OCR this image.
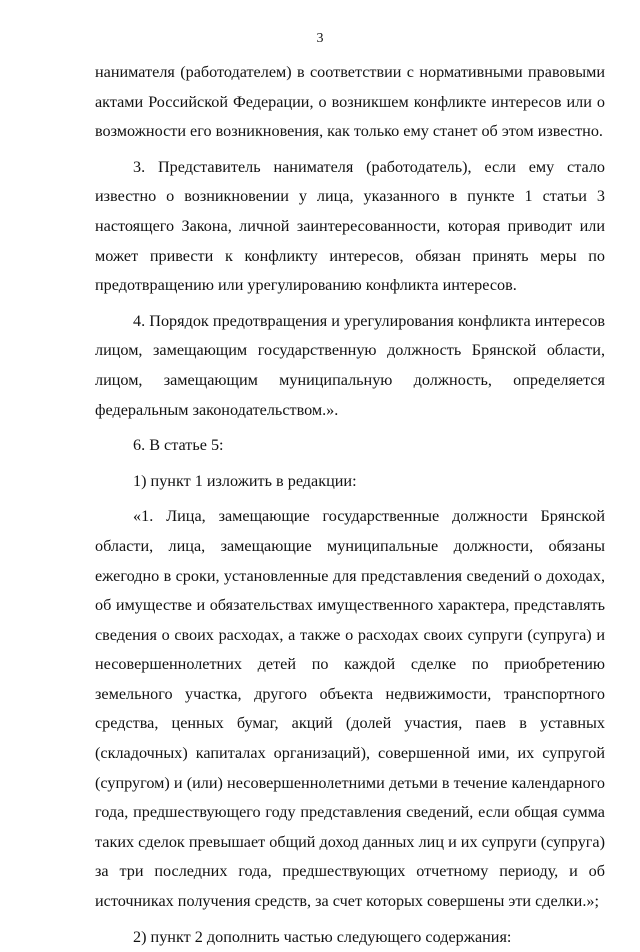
3

нанимателя (работодателем) в соответствии с нормативными правовыми актами Российской Федерации, о возникшем конфликте интересов или о возможности его возникновения, как только ему станет об этом известно.

3. Представитель нанимателя (работодатель), если ему стало известно о возникновении у лица, указанного в пункте 1 статьи 3 настоящего Закона, личной заинтересованности, которая приводит или может привести к конфликту интересов, обязан принять меры по предотвращению или урегулированию конфликта интересов.

4. Порядок предотвращения и урегулирования конфликта интересов лицом, замещающим государственную должность Брянской области, лицом, замещающим муниципальную должность, определяется федеральным законодательством.».

6. В статье 5:

1) пункт 1 изложить в редакции:

«1. Лица, замещающие государственные должности Брянской области, лица, замещающие муниципальные должности, обязаны ежегодно в сроки, установленные для представления сведений о доходах, об имуществе и обязательствах имущественного характера, представлять сведения о своих расходах, а также о расходах своих супруги (супруга) и несовершеннолетних детей по каждой сделке по приобретению земельного участка, другого объекта недвижимости, транспортного средства, ценных бумаг, акций (долей участия, паев в уставных (складочных) капиталах организаций), совершенной ими, их супругой (супругом) и (или) несовершеннолетними детьми в течение календарного года, предшествующего году представления сведений, если общая сумма таких сделок превышает общий доход данных лиц и их супруги (супруга) за три последних года, предшествующих отчетному периоду, и об источниках получения средств, за счет которых совершены эти сделки.»;

2) пункт 2 дополнить частью следующего содержания:
